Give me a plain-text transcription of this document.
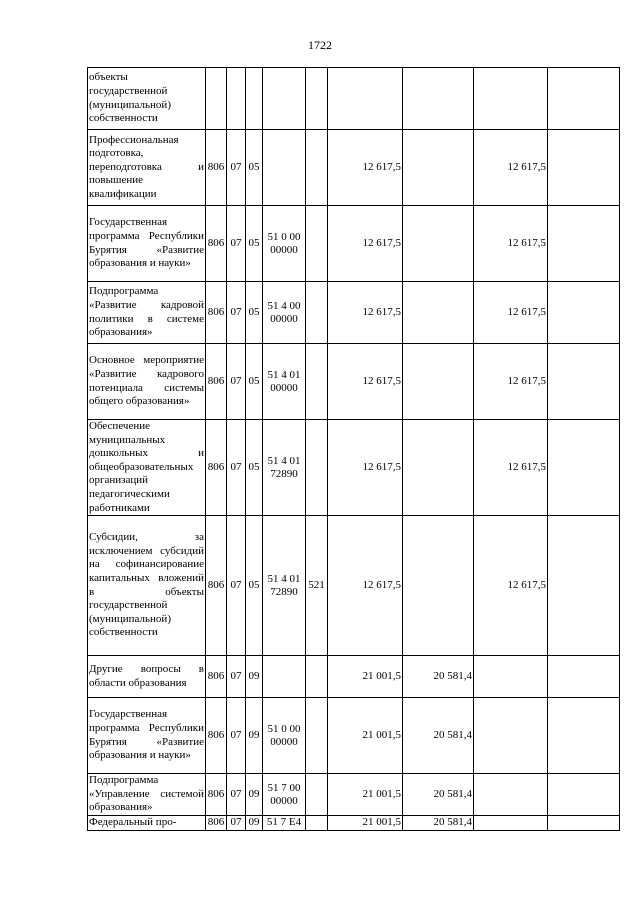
1722
объекты государственной (муниципальной) собственности									
Профессиональная подготовка, переподготовка и повышение квалификации	806	07	05			12 617,5		12 617,5	
Государственная программа Республики Бурятия «Развитие образования и науки»	806	07	05	51 0 00 00000		12 617,5		12 617,5	
Подпрограмма «Развитие кадровой политики в системе образования»	806	07	05	51 4 00 00000		12 617,5		12 617,5	
Основное мероприятие «Развитие кадрового потенциала системы общего образования»	806	07	05	51 4 01 00000		12 617,5		12 617,5	
Обеспечение муниципальных дошкольных и общеобразовательных организаций педагогическими работниками	806	07	05	51 4 01 72890		12 617,5		12 617,5	
Субсидии, за исключением субсидий на софинансирование капитальных вложений в объекты государственной (муниципальной) собственности	806	07	05	51 4 01 72890	521	12 617,5		12 617,5	
Другие вопросы в области образования	806	07	09			21 001,5	20 581,4		
Государственная программа Республики Бурятия «Развитие образования и науки»	806	07	09	51 0 00 00000		21 001,5	20 581,4		
Подпрограмма «Управление системой образования»	806	07	09	51 7 00 00000		21 001,5	20 581,4		
Федеральный про-	806	07	09	51 7 E4		21 001,5	20 581,4		
